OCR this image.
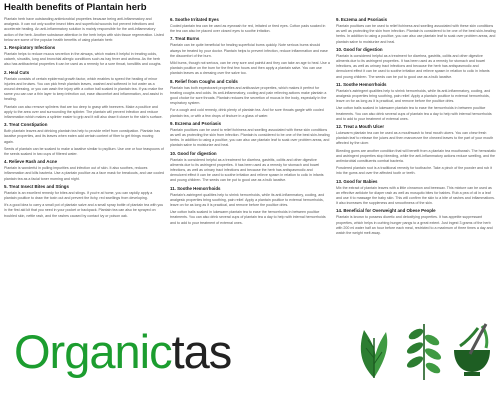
Health benefits of Plantain herb

Plantain herb have outstanding antimicrobial properties because being anti-inflammatory and analgesic. It can not only soothe insect bites and superficial wounds but prevent infections and accelerate healing. An anti-inflammatory solution is mainly responsible for the anti-inflammatory action of the herb. Another substance attention in the herb helps with skin tissue regeneration. Listed below are some of the popular health benefits of using plantain herb:

1. Respiratory Infections

Plantain helps to reduce mucus secretion in the airways, which makes it helpful in treating colds, catarrh, sinusitis, lung and bronchial allergic conditions such as hay fever and asthma. As the herb also has antibacterial properties it can be used as a remedy for a sore throat, tonsillitis and coughs.

2. Heal Cuts

Plantain consists of certain epidermal growth factor, which enables to speed the healing of minor injuries and bruises. You can pick fresh plantain leaves, washed and softened in hot water as a wound dressing, or you can wash the injury with a cotton ball soaked in plantain tea. If you make the same you can use a thin layer to keep infection out, ease discomfort and inflammation, and assist in healing.

Plantain can also remove splinters that are too deep to grasp with tweezers. Make a poultice and apply to the area over and surrounding the splinter. The plantain will prevent infection and reduce inflammation which makes a splinter easier to grip and it will also draw it closer to the skin's surface.

3. Treat Constipation

Both plantain leaves and drinking plantain tea help to provide relief from constipation. Plantain has laxative properties, and its leaves when eaten add certain content of fiber to get things moving again.

Seeds of plantain can be soaked to make a laxative similar to psyllium. Use one or four teaspoons of the seeds soaked in two cups of filtered water.

4. Relieve Rash and Acne

Plantain is wonderful in pulling impurities and infection out of skin. It also soothes, reduces inflammation and kills bacteria. Use a plantain poultice as a face mask for breakouts, and use cooled plantain tea as a facial toner morning and night.

5. Treat Insect Bites and Stings

Plantain is an excellent remedy for bites and stings. If you're at home, you can rapidly apply a plantain poultice to draw the toxin out and prevent the itchy, red swellings from developing.

It's a good idea to carry a small pot of plantain salve and a small spray bottle of plantain tea with you in the first aid kit that you need in your pocket or backpack. Plantain tea can also be sprayed on troubled skin, nettle rash, and the rashes caused by contact ivy or poison oak.

6. Soothe Irritated Eyes

Cooled plantain tea can be used as eyewash for red, irritated or tired eyes. Cotton pads soaked in the tea can also be placed over closed eyes to soothe irritation.

7. Treat Burns

Plantain can be quite beneficial for healing superficial burns quickly. Note serious burns should always be treated by your doctor. Plantain helps to prevent infection, reduce inflammation and ease the discomfort of the burn.

Mild burns, though not serious, can be very sore and painful and they can take an age to heal. Use a plantain poultice on the burn for the first few hours and then apply a plantain salve. You can use plantain leaves as a dressing over the salve too.

8. Relief from Coughs and Colds

Plantain has both expectorant properties and antitussive properties, which makes it perfect for treating coughs and colds. Its anti-inflammatory, cooling and pain relieving actions make plantain a good choice for sore throats. Plantain reduces the secretion of mucus in the body, especially in the respiratory system.

For a cough and cold remedy, drink plenty of plantain tea. And for sore throats gargle with cooled plantain tea, or with a few drops of tincture in a glass of water.

9. Eczema and Psoriasis

Plantain poultices can be used to relief itchiness and swelling associated with these skin conditions as well as protecting the skin from infection. Plantain is considered to be one of the best skin-healing herbs. In addition to using a poultice, you can also use plantain leaf to soak over problem areas, and plantain salve to moisturize and heal.

10. Good for digestion

Plantain is considered helpful as a treatment for diarrhea, gastritis, colitis and other digestive ailments due to its astringent properties. It has been used as a remedy for stomach and bowel infections, as well as urinary tract infections and because the herb has antispasmodic and demulcent effect it can be used to soothe irritation and relieve spasm in relation to colic in infants and young children. The seeds can be put to good use as a bulk laxative.

11. Soothe Hemorrhoids

Plantain's astringent qualities help to shrink hemorrhoids, while its anti-inflammatory, cooling, and analgesic properties bring soothing, pain relief. Apply a plantain poultice to external hemorrhoids, leave on for as long as it is practical, and remove before the poultice dries.

Use cotton balls soaked in lukewarm plantain tea to ease the hemorrhoids in between poultice treatments. You can also drink several cups of plantain tea a day to help with internal hemorrhoids and to add to your treatment of external ones.

9. Eczema and Psoriasis

Plantain poultices can be used to relief itchiness and swelling associated with these skin conditions as well as protecting the skin from infection. Plantain is considered to be one of the best skin-healing herbs. In addition to using a poultice, you can also use plantain leaf to soak over problem areas, and plantain salve to moisturize and heal.

10. Good for digestion

Plantain is considered helpful as a treatment for diarrhea, gastritis, colitis and other digestive ailments due to its astringent properties. It has been used as a remedy for stomach and bowel infections, as well as urinary tract infections and because the herb has antispasmodic and demulcent effect it can be used to soothe irritation and relieve spasm in relation to colic in infants and young children. The seeds can be put to good use as a bulk laxative.

11. Soothe Hemorrhoids

Plantain's astringent qualities help to shrink hemorrhoids, while its anti-inflammatory, cooling, and analgesic properties bring soothing, pain relief. Apply a plantain poultice to external hemorrhoids, leave on for as long as it is practical, and remove before the poultice dries.

Use cotton balls soaked in lukewarm plantain tea to ease the hemorrhoids in between poultice treatments. You can also drink several cups of plantain tea a day to help with internal hemorrhoids and to add to your treatment of external ones.

12. Treat a Mouth Ulcer

Lukewarm plantain tea can be used as a mouthwash to heal mouth ulcers. You can chew fresh plantain leaf to release the juices and then manoeuvre the chewed leaves to the part of your mouth affected by the ulcer.

Bleeding gums are another condition that will benefit from a plantain tea mouthwash. The hemostatic and astringent properties stop bleeding, while the anti-inflammatory actions reduce swelling, and the antimicrobial constituents combat bacteria.

Powdered plantain root is a traditional remedy for toothache. Take a pinch of the powder and rub it into the gums and over the affected tooth or teeth.

13. Good for Babies

Mix the extract of plantain leaves with a little cinnamon and beeswax. This mixture can be used as an effective antidote for diaper rash as well as mosquito bites for babies. Rub a pea of oil in a leaf and use it to massage the baby skin. This will confirm the skin to a bite of rashes and inflammations. It also increases the suppleness and smoothness of the skin.

14. Beneficial for Overweight and Obese People

Plantain is known to possess diuretic and detoxifying properties. It has appetite suppressant properties, which helps in curbing hunger pangs to a great extent. Just ingest 3 grams of the herb with 200 ml water half an hour before each meal, restricted to a maximum of three times a day and watch the weight melt away.

Organictas
